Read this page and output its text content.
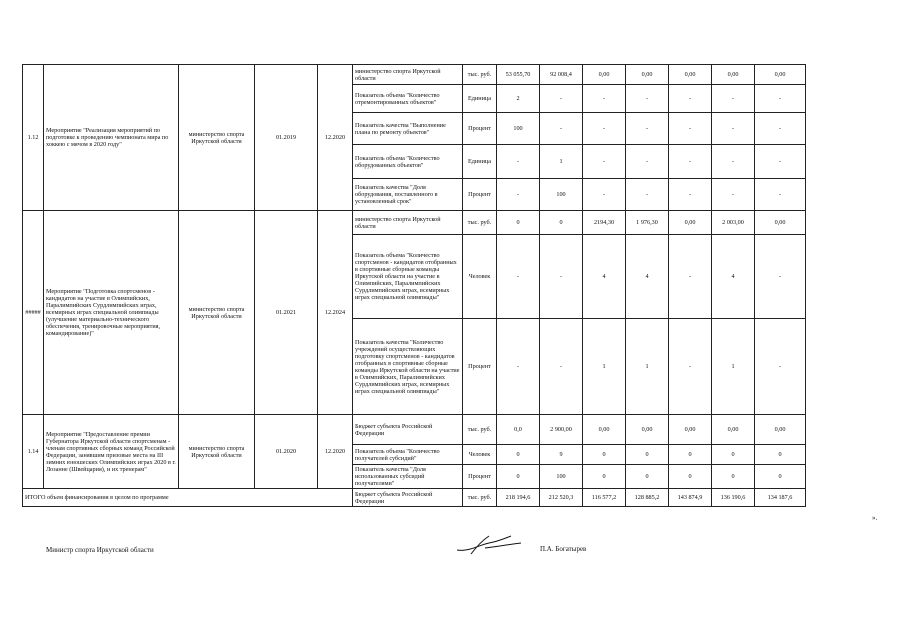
1.12	Мероприятие "Реализация мероприятий по подготовке к проведению чемпионата мира по хоккею с мячом в 2020 году"	министерство спорта Иркутской области	01.2019	12.2020	министерство спорта Иркутской области	тыс. руб.	53 055,70	92 008,4	0,00	0,00	0,00	0,00	0,00
					Показатель объема "Количество отремонтированных объектов"	Единица	2	-	-	-	-	-	-
					Показатель качества "Выполнение плана по ремонту объектов"	Процент	100	-	-	-	-	-	-
					Показатель объема "Количество оборудованных объектов"	Единица	-	1	-	-	-	-	-
					Показатель качества "Доля оборудования, поставленного в установленный срок"	Процент	-	100	-	-	-	-	-
#####	Мероприятие "Подготовка спортсменов - кандидатов на участие в Олимпийских, Паралимпийских Сурдлимпийских играх, всемирных играх специальной олимпиады (улучшение материально-технического обеспечения, тренировочные мероприятия, командирование)"	министерство спорта Иркутской области	01.2021	12.2024	министерство спорта Иркутской области	тыс. руб.	0	0	2194,30	1 976,30	0,00	2 003,00	0,00
					Показатель объема "Количество спортсменов - кандидатов отобранных в спортивные сборные команды Иркутской области на участие в Олимпийских, Паралимпийских Сурдлимпийских играх, всемирных играх специальной олимпиады"	Человек	-	-	4	4	-	4	-
					Показатель качества "Количество учреждений осуществляющих подготовку спортсменов - кандидатов отобранных в спортивные сборные команды Иркутской области на участие в Олимпийских, Паралимпийских Сурдлимпийских играх, всемирных играх специальной олимпиады"	Процент	-	-	1	1	-	1	-
1.14	Мероприятие "Предоставление премии Губернатора Иркутской области спортсменам - членам спортивных сборных команд Российской Федерации, занявшим призовые места на III зимних юношеских Олимпийских играх 2020 в г. Лозанне (Швейцария), и их тренерам"	министерство спорта Иркутской области	01.2020	12.2020	Бюджет субъекта Российской Федерации	тыс. руб.	0,0	2 900,00	0,00	0,00	0,00	0,00	0,00
					Показатель объема "Количество получателей субсидий"	Человек	0	9	0	0	0	0	0
					Показатель качества "Доля использованных субсидий получателями"	Процент	0	100	0	0	0	0	0
ИТОГО объем финансирования в целом по программе					Бюджет субъекта Российской Федерации	тыс. руб.	218 194,6	212 520,3	116 577,2	128 885,2	143 874,9	136 190,6	134 187,6
».
Министр спорта Иркутской области	П.А. Богатырев
